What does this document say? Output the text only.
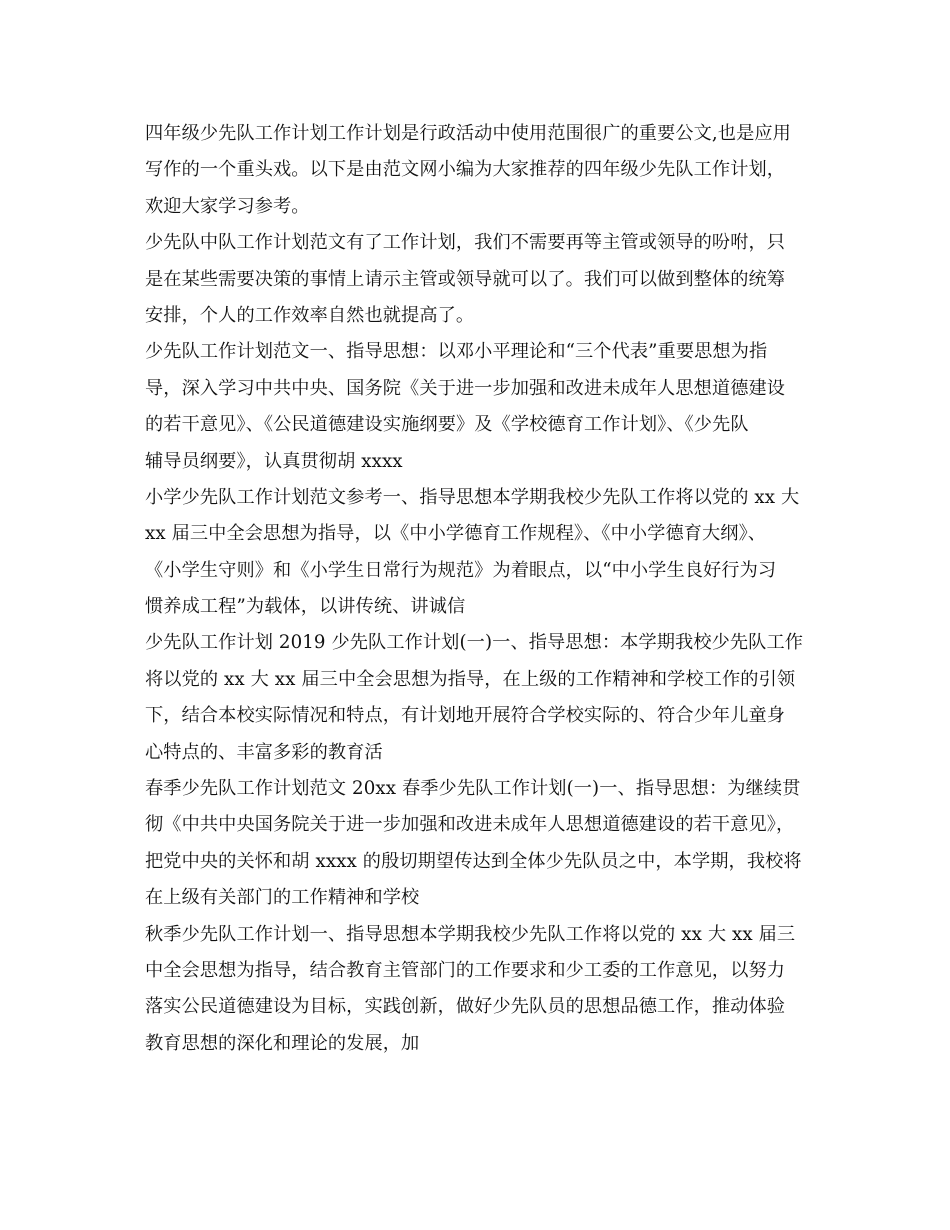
四年级少先队工作计划工作计划是行政活动中使用范围很广的重要公文,也是应用
写作的一个重头戏。以下是由范文网小编为大家推荐的四年级少先队工作计划，
欢迎大家学习参考。
少先队中队工作计划范文有了工作计划，我们不需要再等主管或领导的吩咐，只
是在某些需要决策的事情上请示主管或领导就可以了。我们可以做到整体的统筹
安排，个人的工作效率自然也就提高了。
少先队工作计划范文一、指导思想：以邓小平理论和“三个代表”重要思想为指
导，深入学习中共中央、国务院《关于进一步加强和改进未成年人思想道德建设
的若干意见》、《公民道德建设实施纲要》及《学校德育工作计划》、《少先队
辅导员纲要》，认真贯彻胡 xxxx
小学少先队工作计划范文参考一、指导思想本学期我校少先队工作将以党的 xx 大
xx 届三中全会思想为指导，以《中小学德育工作规程》、《中小学德育大纲》、
《小学生守则》和《小学生日常行为规范》为着眼点，以“中小学生良好行为习
惯养成工程”为载体，以讲传统、讲诚信
少先队工作计划 2019 少先队工作计划(一)一、指导思想：本学期我校少先队工作
将以党的 xx 大 xx 届三中全会思想为指导，在上级的工作精神和学校工作的引领
下，结合本校实际情况和特点，有计划地开展符合学校实际的、符合少年儿童身
心特点的、丰富多彩的教育活
春季少先队工作计划范文 20xx 春季少先队工作计划(一)一、指导思想：为继续贯
彻《中共中央国务院关于进一步加强和改进未成年人思想道德建设的若干意见》，
把党中央的关怀和胡 xxxx 的殷切期望传达到全体少先队员之中，本学期，我校将
在上级有关部门的工作精神和学校
秋季少先队工作计划一、指导思想本学期我校少先队工作将以党的 xx 大 xx 届三
中全会思想为指导，结合教育主管部门的工作要求和少工委的工作意见，以努力
落实公民道德建设为目标，实践创新，做好少先队员的思想品德工作，推动体验
教育思想的深化和理论的发展，加
